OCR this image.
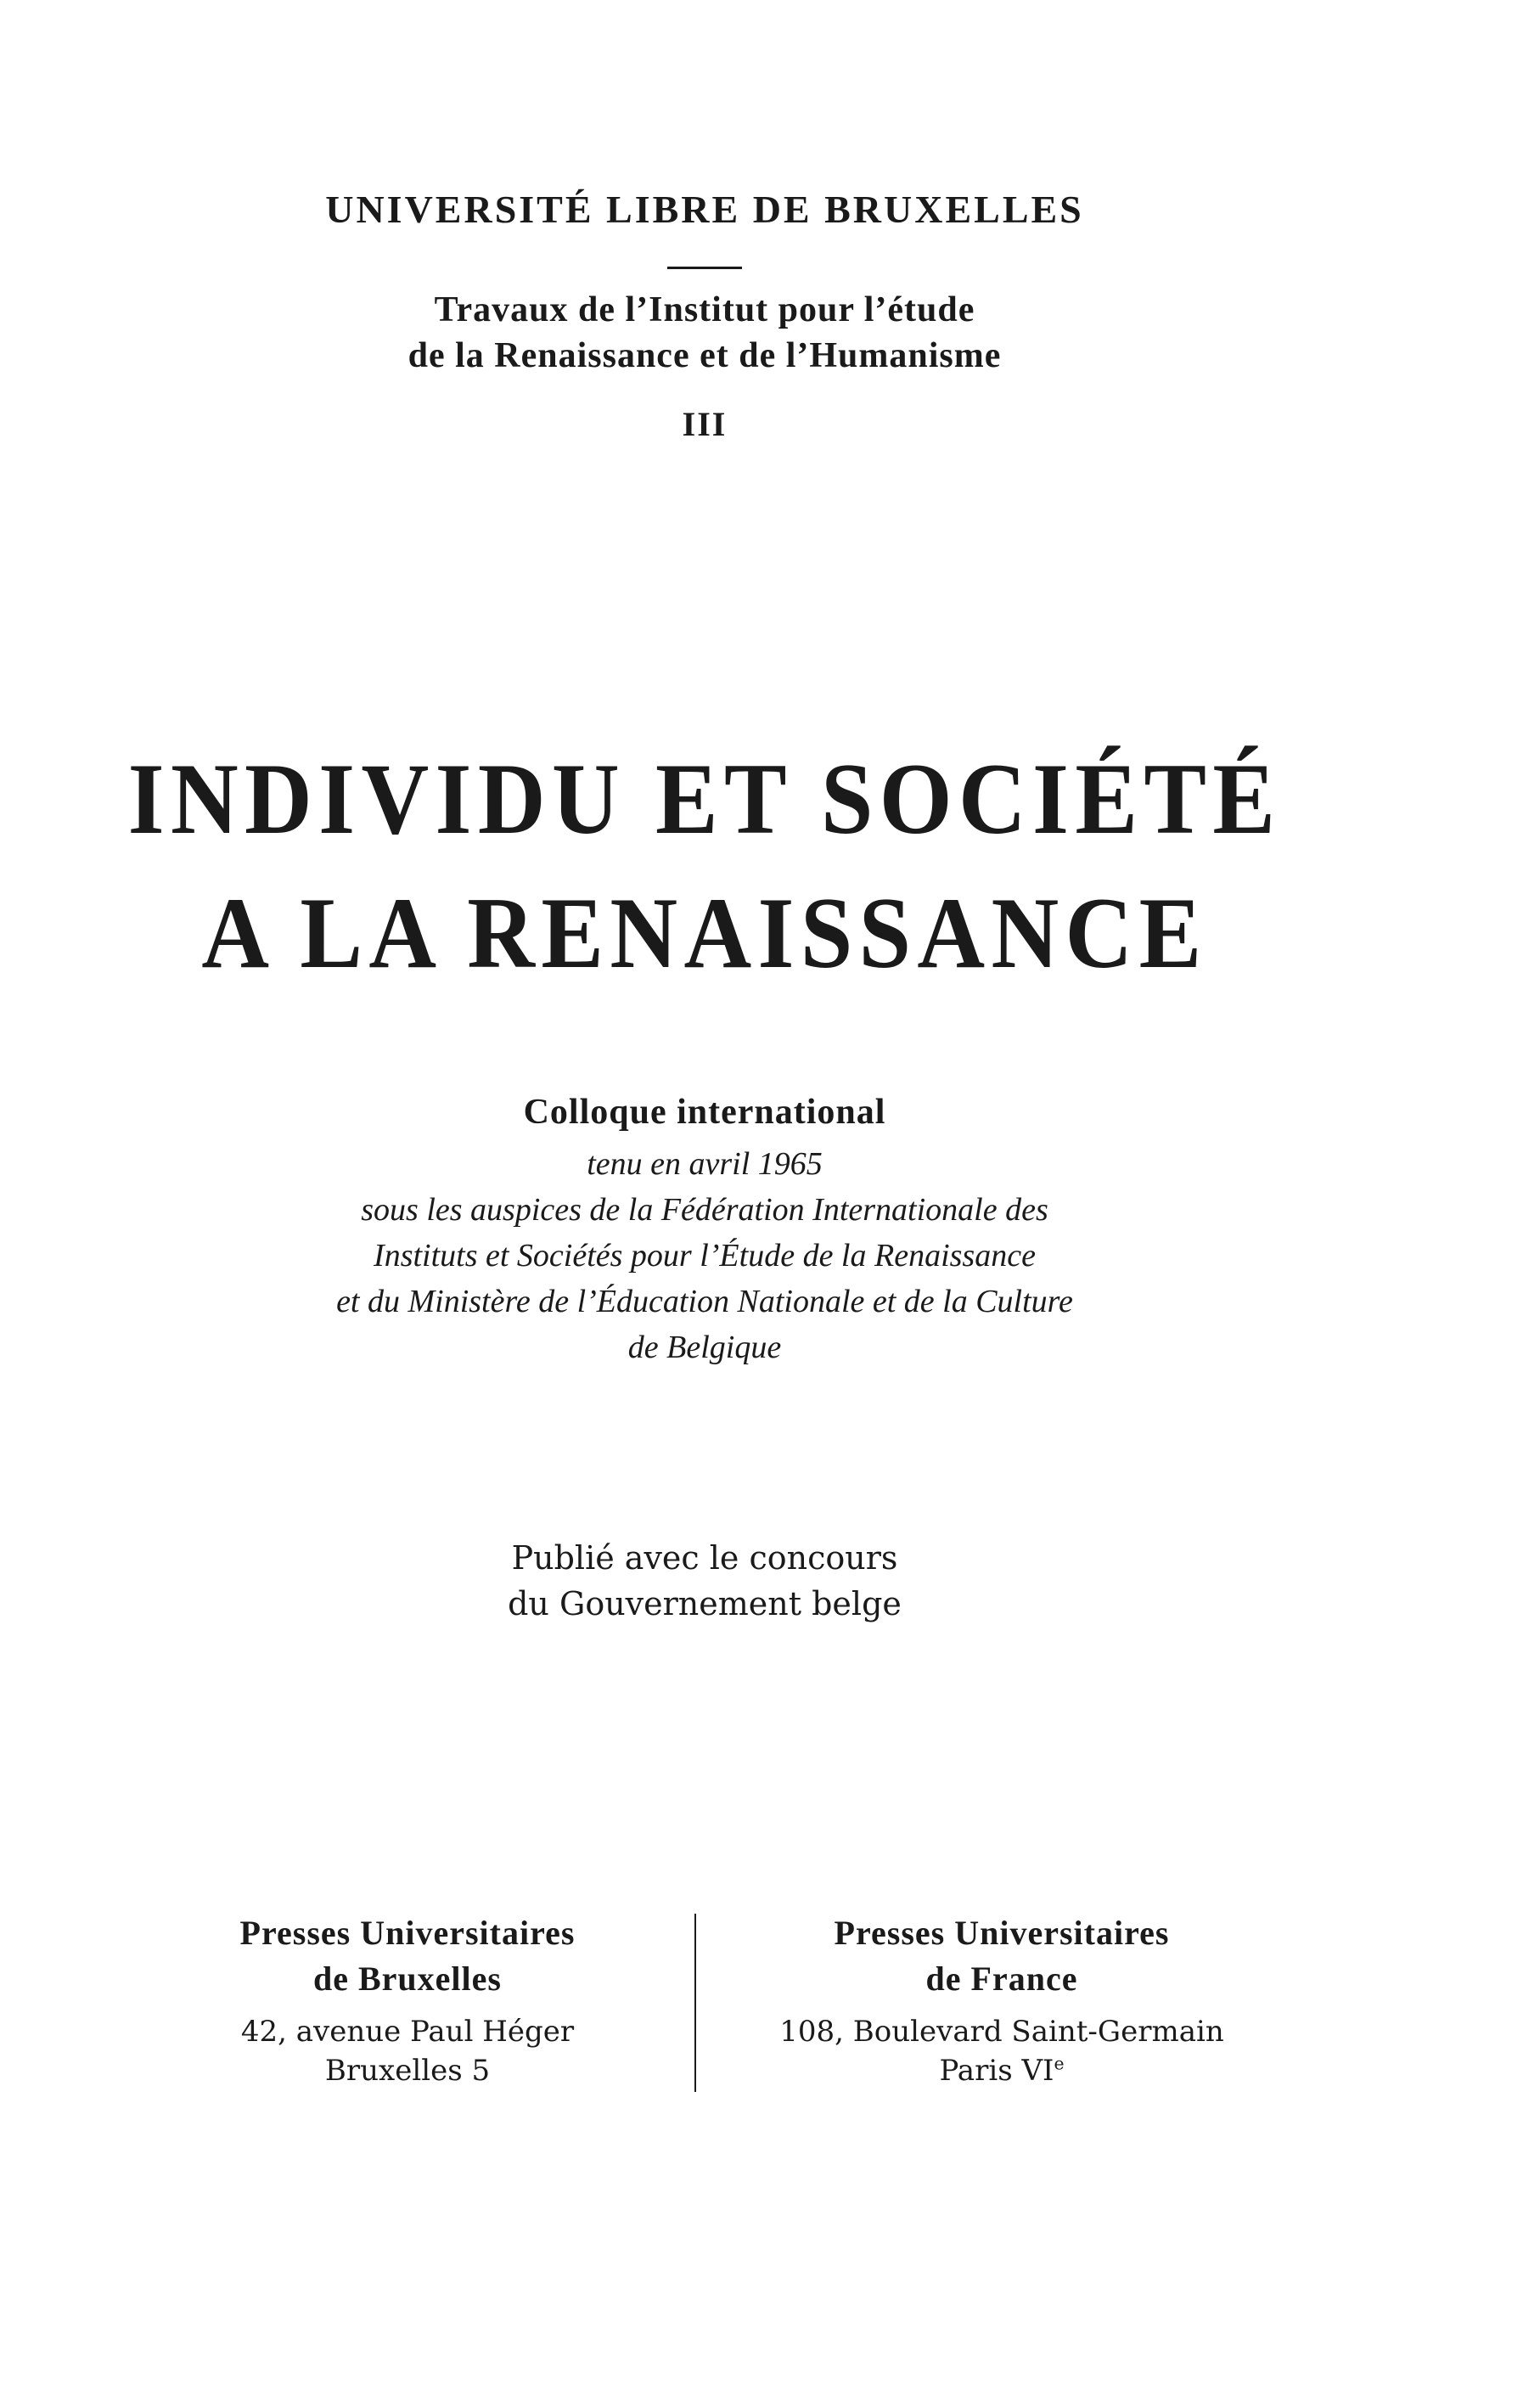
UNIVERSITÉ LIBRE DE BRUXELLES
Travaux de l’Institut pour l’étude
de la Renaissance et de l’Humanisme
III
INDIVIDU ET SOCIÉTÉ
A LA RENAISSANCE
Colloque international
tenu en avril 1965
sous les auspices de la Fédération Internationale des
Instituts et Sociétés pour l’Étude de la Renaissance
et du Ministère de l’Éducation Nationale et de la Culture
de Belgique
Publié avec le concours
du Gouvernement belge
Presses Universitaires
de Bruxelles
42, avenue Paul Héger
Bruxelles 5
Presses Universitaires
de France
108, Boulevard Saint-Germain
Paris VIe
